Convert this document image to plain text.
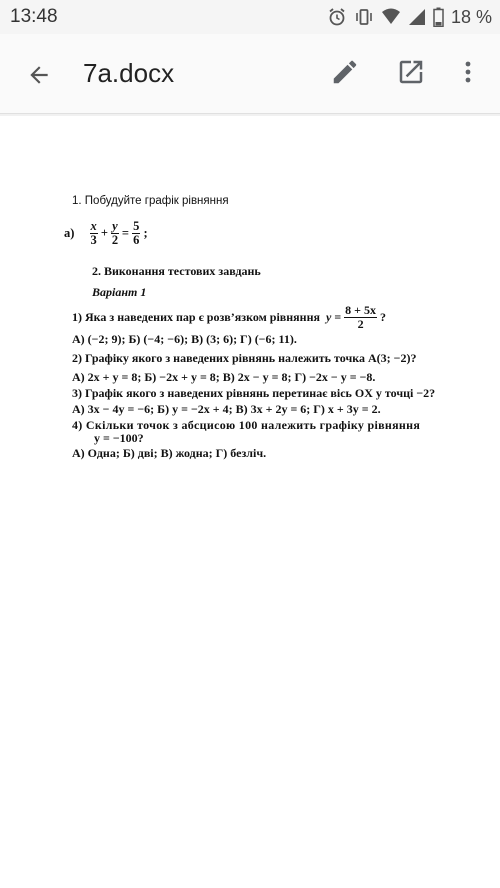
13:48	18 %
7a.docx
1. Побудуйте графік рівняння
$а) \frac{x}{3} + \frac{y}{2} = \frac{5}{6}$ ;
2. Виконання тестових завдань
Варіант 1
1) Яка з наведених пар є розв’язком рівняння $y = \frac{8 + 5x}{2}$ ?
А) (−2; 9); Б) (−4; −6); В) (3; 6); Г) (−6; 11).
2) Графіку якого з наведених рівнянь належить точка A(3; −2)?
А) 2x + y = 8; Б) −2x + y = 8; В) 2x − y = 8; Г) −2x − y = −8.
3) Графік якого з наведених рівнянь перетинає вісь OX у точці −2?
А) 3x − 4y = −6; Б) y = −2x + 4; В) 3x + 2y = 6; Г) x + 3y = 2.
4) Скільки точок з абсцисою 100 належить графіку рівняння
y = −100?
А) Одна; Б) дві; В) жодна; Г) безліч.
